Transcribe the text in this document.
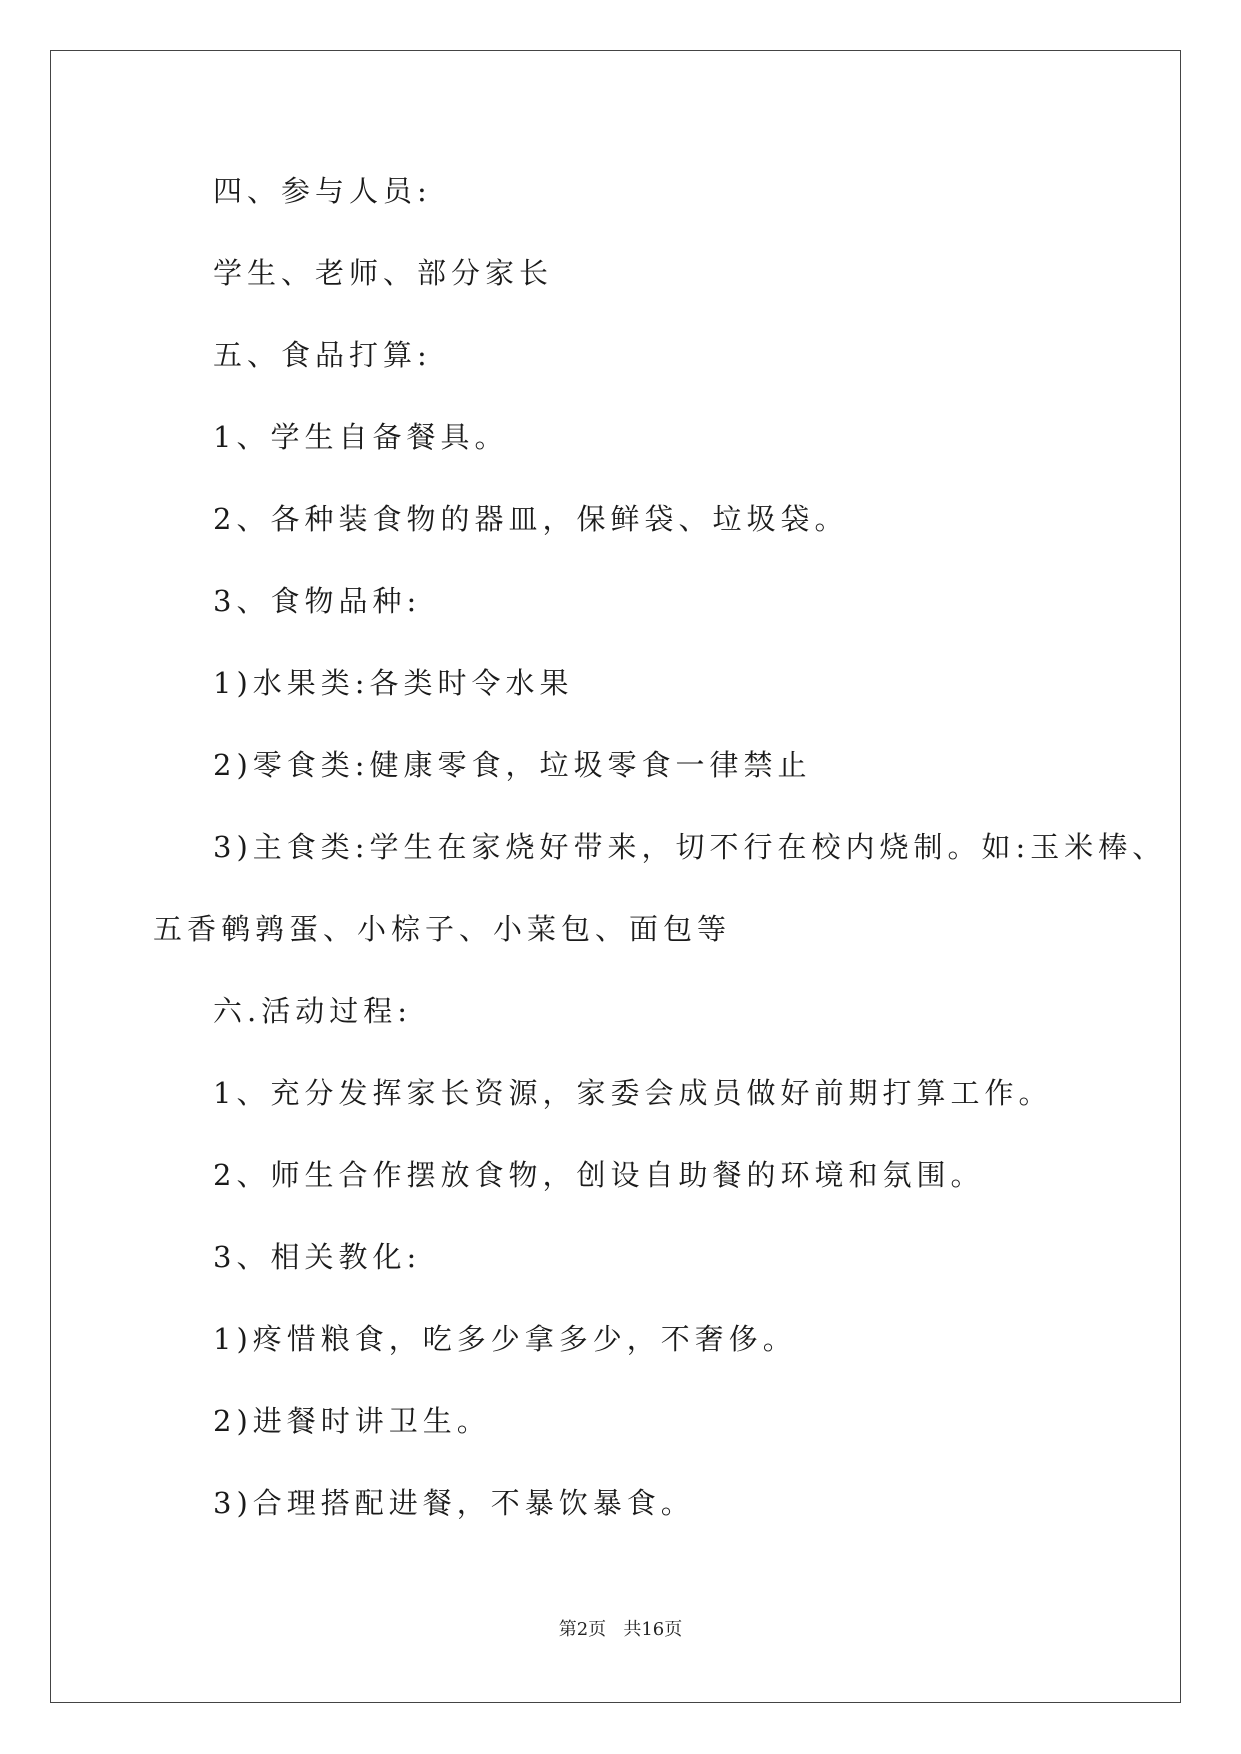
四、参与人员:
学生、老师、部分家长
五、食品打算:
1、学生自备餐具。
2、各种装食物的器皿，保鲜袋、垃圾袋。
3、食物品种:
1)水果类:各类时令水果
2)零食类:健康零食，垃圾零食一律禁止
3)主食类:学生在家烧好带来，切不行在校内烧制。如:玉米棒、
五香鹌鹑蛋、小棕子、小菜包、面包等
六.活动过程:
1、充分发挥家长资源，家委会成员做好前期打算工作。
2、师生合作摆放食物，创设自助餐的环境和氛围。
3、相关教化:
1)疼惜粮食，吃多少拿多少，不奢侈。
2)进餐时讲卫生。
3)合理搭配进餐，不暴饮暴食。
第2页   共16页
